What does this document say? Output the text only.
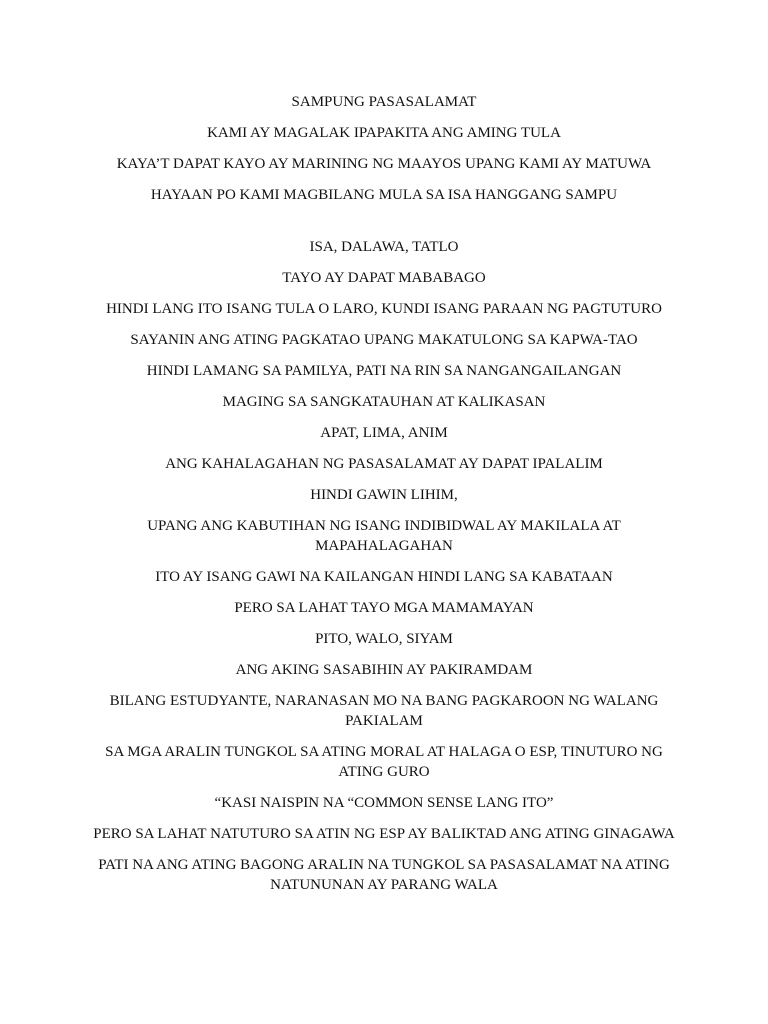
SAMPUNG PASASALAMAT

KAMI AY MAGALAK IPAPAKITA ANG AMING TULA

KAYA’T DAPAT KAYO AY MARINING NG MAAYOS UPANG KAMI AY MATUWA

HAYAAN PO KAMI MAGBILANG MULA SA ISA HANGGANG SAMPU

ISA, DALAWA, TATLO

TAYO AY DAPAT MABABAGO

HINDI LANG ITO ISANG TULA O LARO, KUNDI ISANG PARAAN NG PAGTUTURO

SAYANIN ANG ATING PAGKATAO UPANG MAKATULONG SA KAPWA-TAO

HINDI LAMANG SA PAMILYA, PATI NA RIN SA NANGANGAILANGAN

MAGING SA SANGKATAUHAN AT KALIKASAN

APAT, LIMA, ANIM

ANG KAHALAGAHAN NG PASASALAMAT AY DAPAT IPALALIM

HINDI GAWIN LIHIM,

UPANG ANG KABUTIHAN NG ISANG INDIBIDWAL AY MAKILALA AT MAPAHALAGAHAN

ITO AY ISANG GAWI NA KAILANGAN HINDI LANG SA KABATAAN

PERO SA LAHAT TAYO MGA MAMAMAYAN

PITO, WALO, SIYAM

ANG AKING SASABIHIN AY PAKIRAMDAM

BILANG ESTUDYANTE, NARANASAN MO NA BANG PAGKAROON NG WALANG PAKIALAM

SA MGA ARALIN TUNGKOL SA ATING MORAL AT HALAGA O ESP, TINUTURO NG ATING GURO

“KASI NAISPIN NA “COMMON SENSE LANG ITO”

PERO SA LAHAT NATUTURO SA ATIN NG ESP AY BALIKTAD ANG ATING GINAGAWA

PATI NA ANG ATING BAGONG ARALIN NA TUNGKOL SA PASASALAMAT NA ATING NATUNUNAN AY PARANG WALA
